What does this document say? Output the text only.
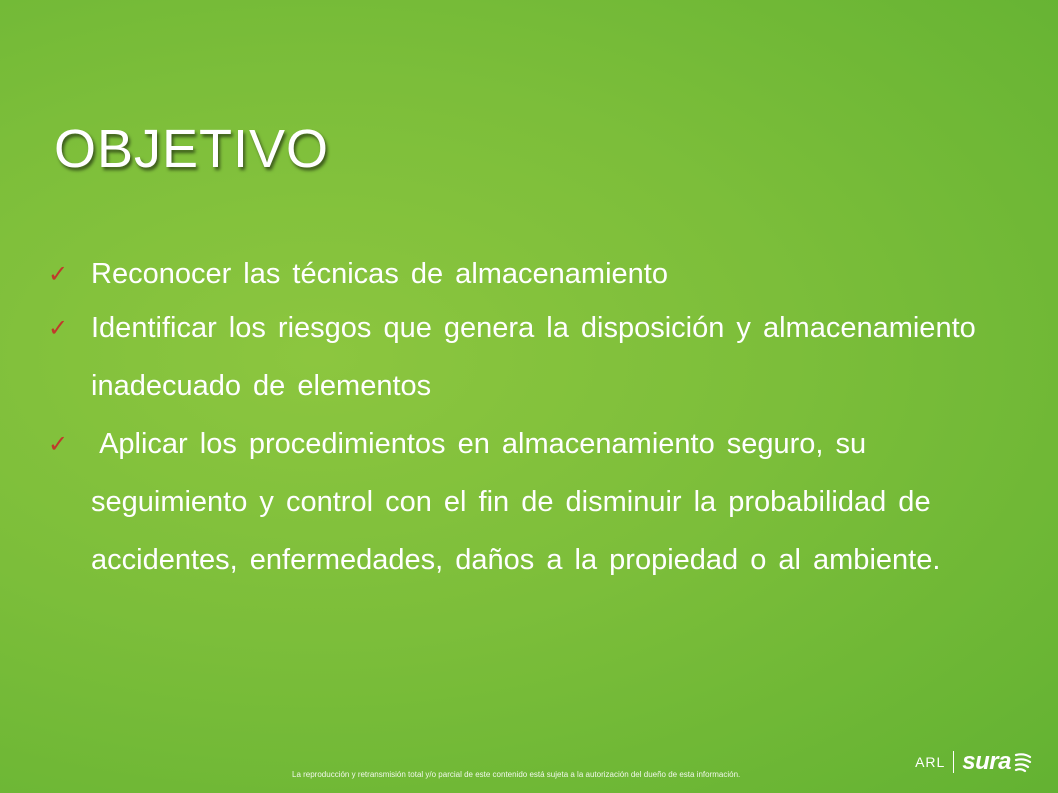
OBJETIVO
✓ Reconocer las técnicas de almacenamiento
✓ Identificar los riesgos que genera la disposición y almacenamiento inadecuado de elementos
✓ Aplicar los procedimientos en almacenamiento seguro, su seguimiento y control con el fin de disminuir la probabilidad de accidentes, enfermedades, daños a la propiedad o al ambiente.
La reproducción y retransmisión total y/o parcial de este contenido está sujeta a la autorización del dueño de esta información.
ARL sura
